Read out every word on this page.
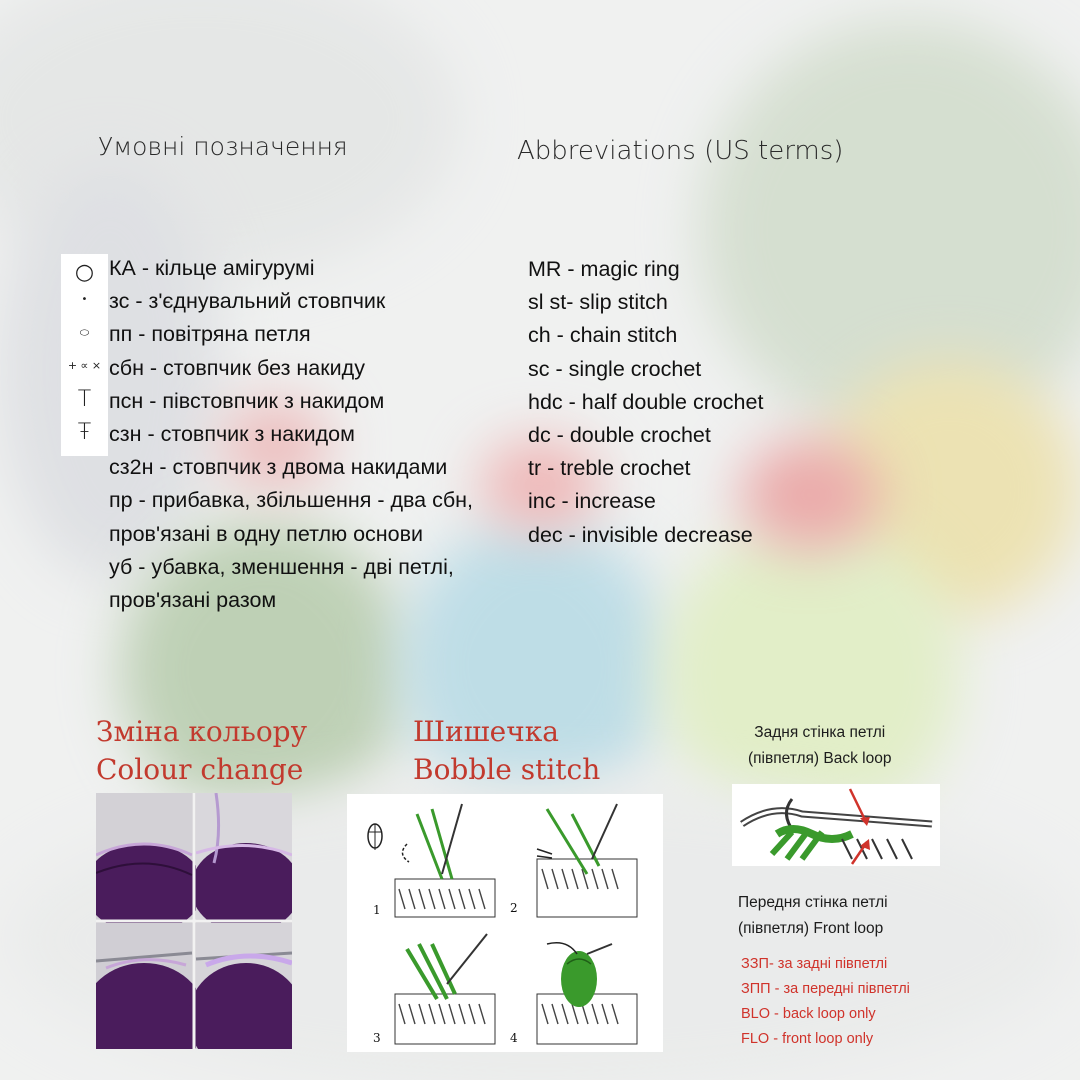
Умовні позначення	Abbreviations (US terms)
○
•
⬭
+ ∝ ×
T
Ŧ
КА - кільце амігурумі
зс - з'єднувальний стовпчик
пп - повітряна петля
сбн - стовпчик без накиду
псн - півстовпчик з накидом
сзн - стовпчик з накидом
сз2н - стовпчик з двома накидами
пр - прибавка, збільшення - два сбн,
пров'язані в одну петлю основи
уб - убавка, зменшення - дві петлі,
пров'язані разом
MR - magic ring
sl st- slip stitch
ch - chain stitch
sc - single crochet
hdc - half double crochet
dc - double crochet
tr - treble crochet
inc - increase
dec - invisible decrease
Зміна кольору
Colour change
Шишечка
Bobble stitch
1	2
3	4
Задня стінка петлі
(півпетля) Back loop
Передня стінка петлі
(півпетля) Front loop
ЗЗП- за задні півпетлі
ЗПП - за передні півпетлі
BLO - back loop only
FLO - front loop only
